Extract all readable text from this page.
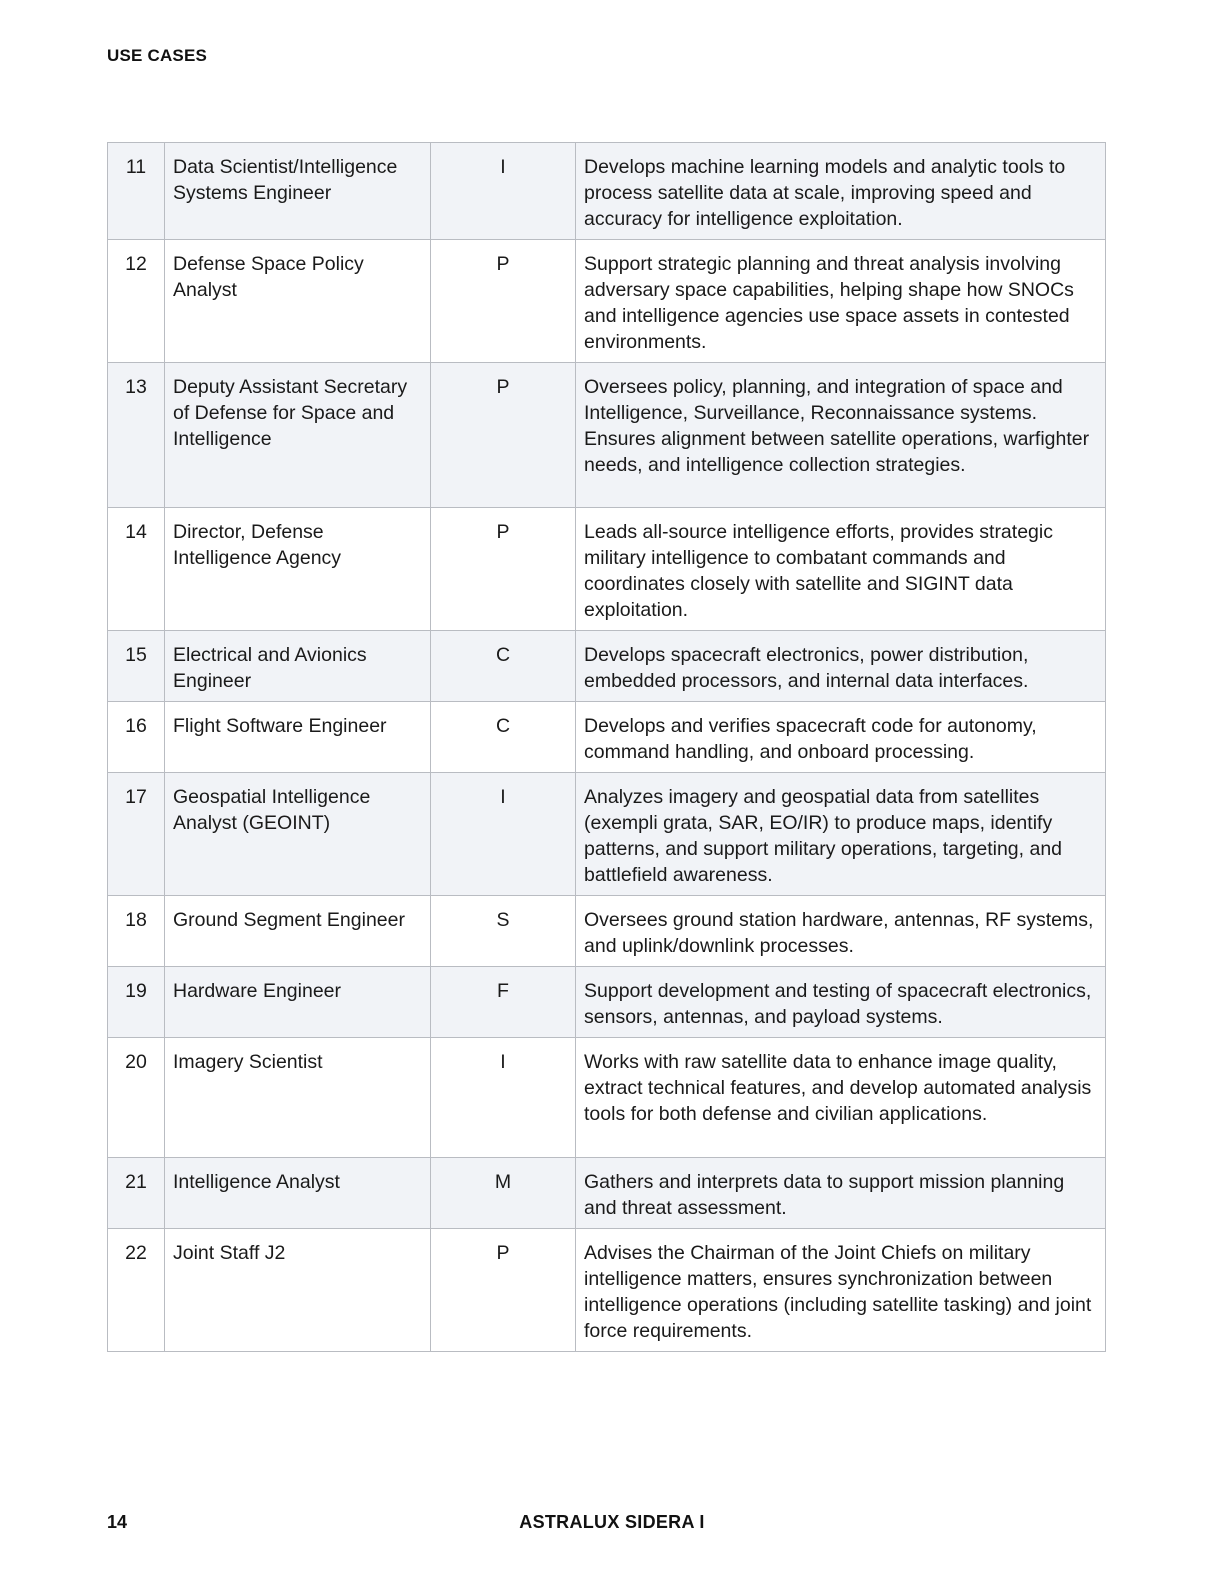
USE CASES
11	Data Scientist/Intelligence Systems Engineer	I	Develops machine learning models and analytic tools to process satellite data at scale, improving speed and accuracy for intelligence exploitation.
12	Defense Space Policy Analyst	P	Support strategic planning and threat analysis involving adversary space capabilities, helping shape how SNOCs and intelligence agencies use space assets in contested environments.
13	Deputy Assistant Secretary of Defense for Space and Intelligence	P	Oversees policy, planning, and integration of space and Intelligence, Surveillance, Reconnaissance systems. Ensures alignment between satellite operations, warfighter needs, and intelligence collection strategies.
14	Director, Defense Intelligence Agency	P	Leads all-source intelligence efforts, provides strategic military intelligence to combatant commands and coordinates closely with satellite and SIGINT data exploitation.
15	Electrical and Avionics Engineer	C	Develops spacecraft electronics, power distribution, embedded processors, and internal data interfaces.
16	Flight Software Engineer	C	Develops and verifies spacecraft code for autonomy, command handling, and onboard processing.
17	Geospatial Intelligence Analyst (GEOINT)	I	Analyzes imagery and geospatial data from satellites (exempli grata, SAR, EO/IR) to produce maps, identify patterns, and support military operations, targeting, and battlefield awareness.
18	Ground Segment Engineer	S	Oversees ground station hardware, antennas, RF systems, and uplink/downlink processes.
19	Hardware Engineer	F	Support development and testing of spacecraft electronics, sensors, antennas, and payload systems.
20	Imagery Scientist	I	Works with raw satellite data to enhance image quality, extract technical features, and develop automated analysis tools for both defense and civilian applications.
21	Intelligence Analyst	M	Gathers and interprets data to support mission planning and threat assessment.
22	Joint Staff J2	P	Advises the Chairman of the Joint Chiefs on military intelligence matters, ensures synchronization between intelligence operations (including satellite tasking) and joint force requirements.
14	ASTRALUX SIDERA I
